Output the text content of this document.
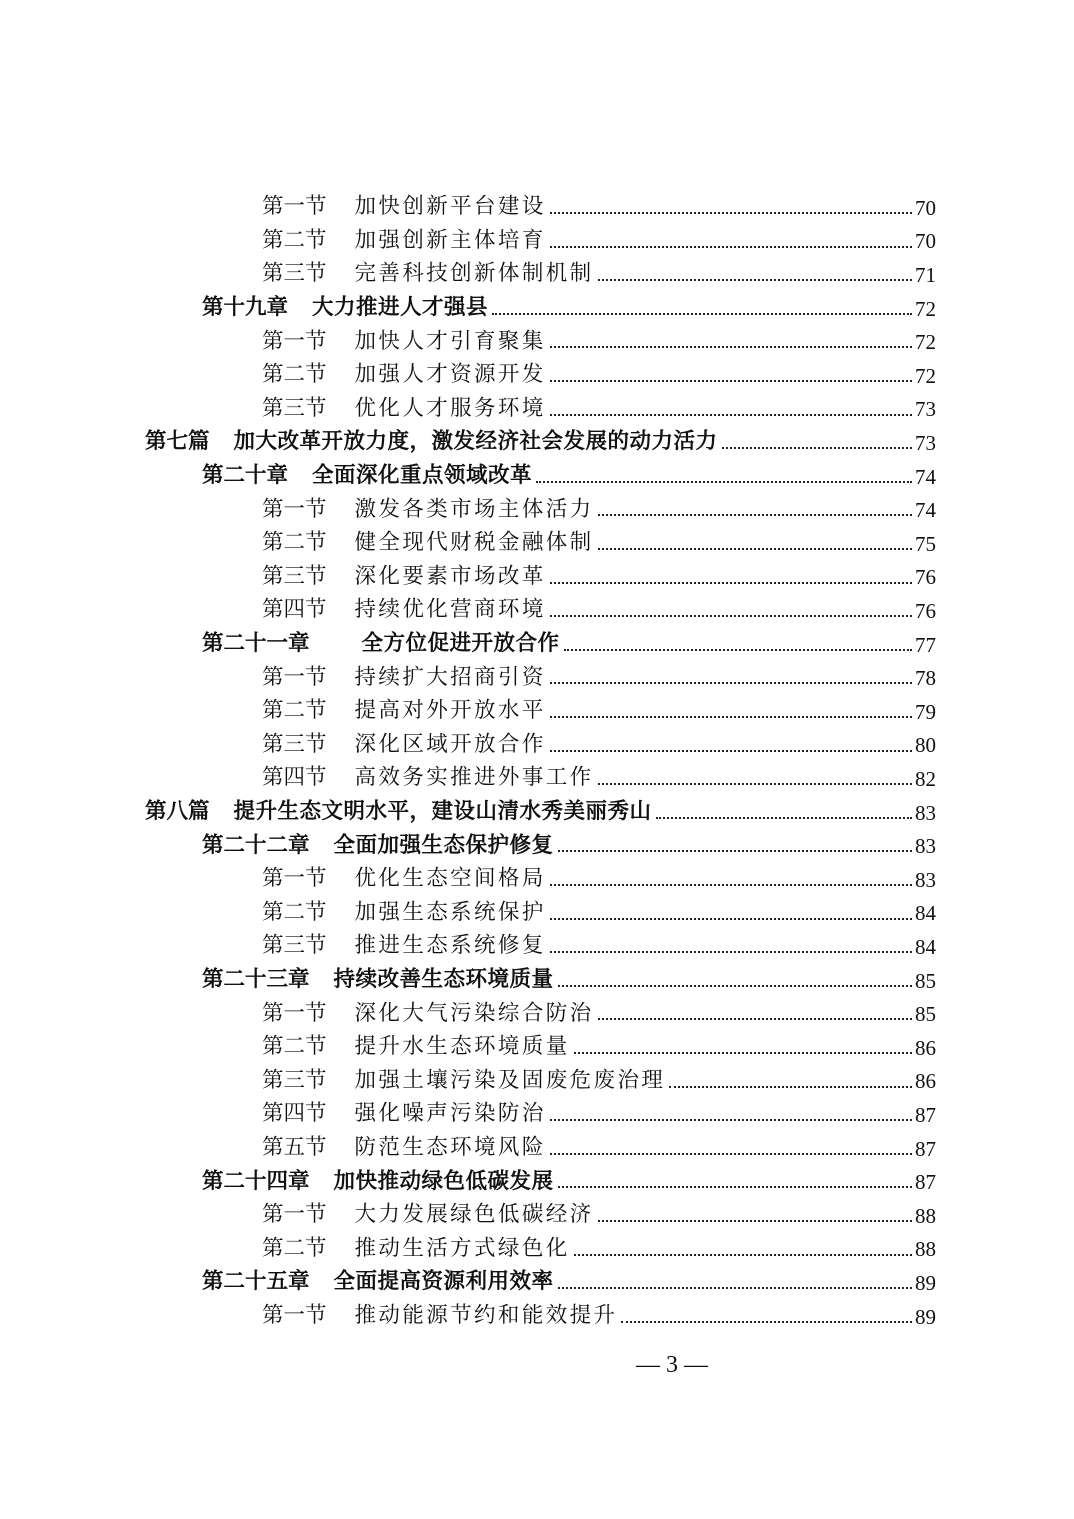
第一节 加快创新平台建设	70
第二节 加强创新主体培育	70
第三节 完善科技创新体制机制	71
第十九章 大力推进人才强县	72
第一节 加快人才引育聚集	72
第二节 加强人才资源开发	72
第三节 优化人才服务环境	73
第七篇 加大改革开放力度，激发经济社会发展的动力活力	73
第二十章 全面深化重点领域改革	74
第一节 激发各类市场主体活力	74
第二节 健全现代财税金融体制	75
第三节 深化要素市场改革	76
第四节 持续优化营商环境	76
第二十一章 全方位促进开放合作	77
第一节 持续扩大招商引资	78
第二节 提高对外开放水平	79
第三节 深化区域开放合作	80
第四节 高效务实推进外事工作	82
第八篇 提升生态文明水平，建设山清水秀美丽秀山	83
第二十二章 全面加强生态保护修复	83
第一节 优化生态空间格局	83
第二节 加强生态系统保护	84
第三节 推进生态系统修复	84
第二十三章 持续改善生态环境质量	85
第一节 深化大气污染综合防治	85
第二节 提升水生态环境质量	86
第三节 加强土壤污染及固废危废治理	86
第四节 强化噪声污染防治	87
第五节 防范生态环境风险	87
第二十四章 加快推动绿色低碳发展	87
第一节 大力发展绿色低碳经济	88
第二节 推动生活方式绿色化	88
第二十五章 全面提高资源利用效率	89
第一节 推动能源节约和能效提升	89
— 3 —
